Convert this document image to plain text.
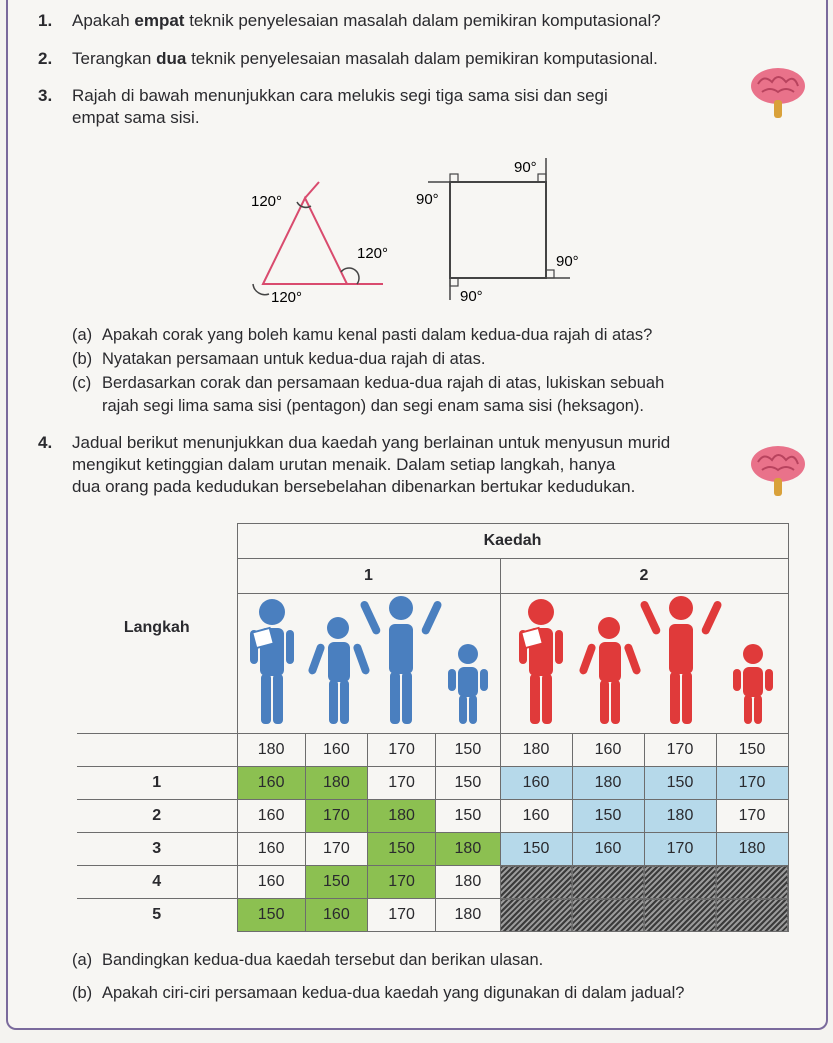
1. Apakah empat teknik penyelesaian masalah dalam pemikiran komputasional?
2. Terangkan dua teknik penyelesaian masalah dalam pemikiran komputasional.
3. Rajah di bawah menunjukkan cara melukis segi tiga sama sisi dan segi
empat sama sisi.
120°
120°
120°
90°
90°
90°
90°
(a) Apakah corak yang boleh kamu kenal pasti dalam kedua-dua rajah di atas?
(b) Nyatakan persamaan untuk kedua-dua rajah di atas.
(c) Berdasarkan corak dan persamaan kedua-dua rajah di atas, lukiskan sebuah
rajah segi lima sama sisi (pentagon) dan segi enam sama sisi (heksagon).
4. Jadual berikut menunjukkan dua kaedah yang berlainan untuk menyusun murid
mengikut ketinggian dalam urutan menaik. Dalam setiap langkah, hanya
dua orang pada kedudukan bersebelahan dibenarkan bertukar kedudukan.
Langkah	Kaedah							
	1				2			

	180	160	170	150	180	160	170	150
1	160	180	170	150	160	180	150	170
2	160	170	180	150	160	150	180	170
3	160	170	150	180	150	160	170	180
4	160	150	170	180				
5	150	160	170	180				
(a) Bandingkan kedua-dua kaedah tersebut dan berikan ulasan.
(b) Apakah ciri-ciri persamaan kedua-dua kaedah yang digunakan di dalam jadual?
